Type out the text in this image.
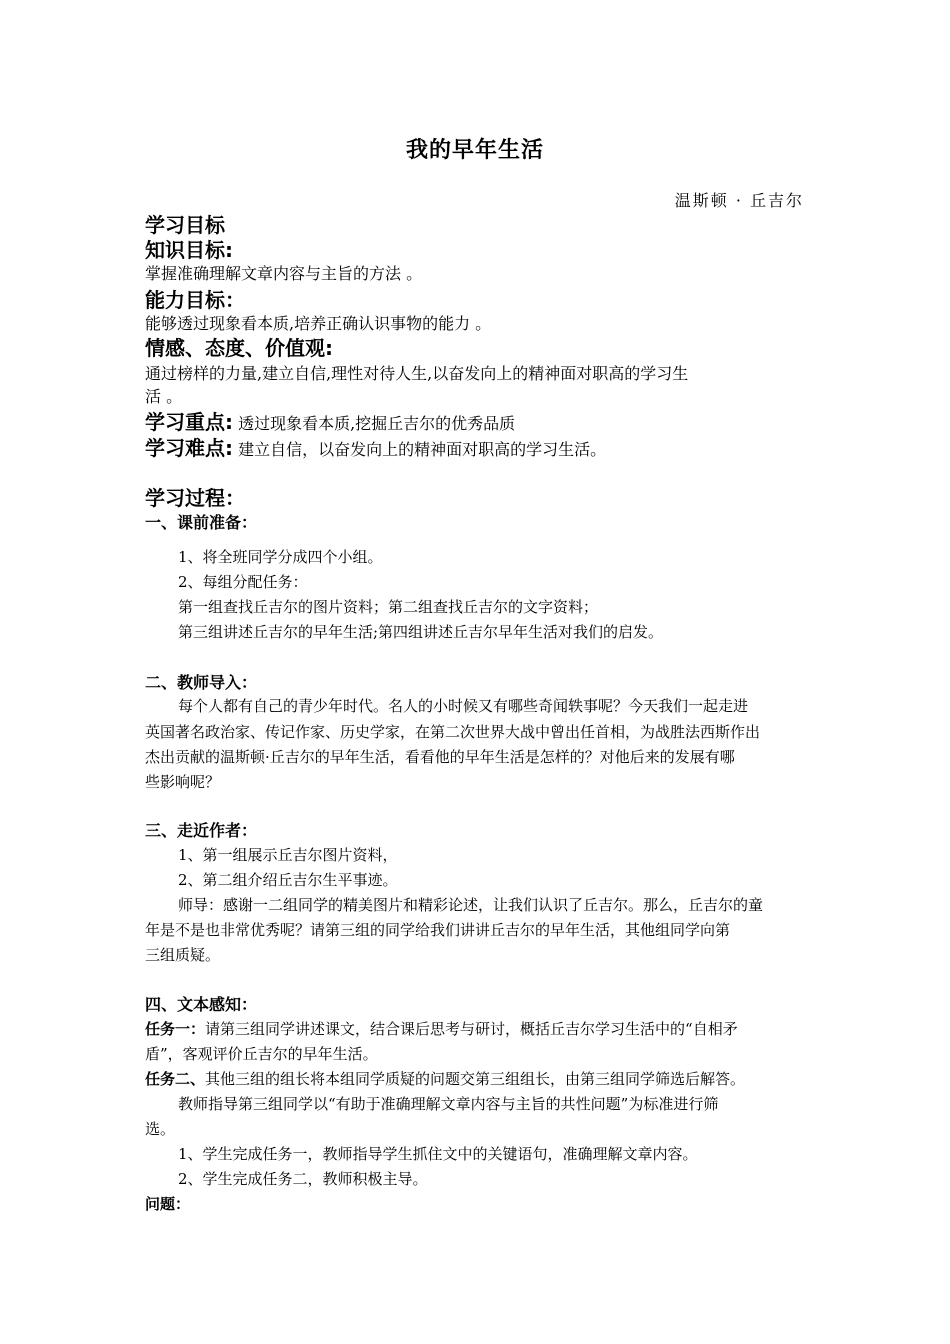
我的早年生活
温斯顿 · 丘吉尔
学习目标
知识目标:
掌握准确理解文章内容与主旨的方法 。
能力目标：
能够透过现象看本质,培养正确认识事物的能力 。
情感、态度、价值观:
通过榜样的力量,建立自信,理性对待人生,以奋发向上的精神面对职高的学习生
活 。
学习重点: 透过现象看本质,挖掘丘吉尔的优秀品质
学习难点: 建立自信，以奋发向上的精神面对职高的学习生活。
学习过程：
一、课前准备：
1、将全班同学分成四个小组。
2、每组分配任务：
第一组查找丘吉尔的图片资料；第二组查找丘吉尔的文字资料；
第三组讲述丘吉尔的早年生活;第四组讲述丘吉尔早年生活对我们的启发。
二、教师导入：
每个人都有自己的青少年时代。名人的小时候又有哪些奇闻轶事呢？今天我们一起走进
英国著名政治家、传记作家、历史学家，在第二次世界大战中曾出任首相，为战胜法西斯作出
杰出贡献的温斯顿·丘吉尔的早年生活，看看他的早年生活是怎样的？对他后来的发展有哪
些影响呢？
三、走近作者：
1、第一组展示丘吉尔图片资料，
2、第二组介绍丘吉尔生平事迹。
师导：感谢一二组同学的精美图片和精彩论述，让我们认识了丘吉尔。那么，丘吉尔的童
年是不是也非常优秀呢？请第三组的同学给我们讲讲丘吉尔的早年生活，其他组同学向第
三组质疑。
四、文本感知：
任务一：请第三组同学讲述课文，结合课后思考与研讨，概括丘吉尔学习生活中的“自相矛
盾”，客观评价丘吉尔的早年生活。
任务二、其他三组的组长将本组同学质疑的问题交第三组组长，由第三组同学筛选后解答。
教师指导第三组同学以“有助于准确理解文章内容与主旨的共性问题”为标准进行筛
选。
1、学生完成任务一，教师指导学生抓住文中的关键语句，准确理解文章内容。
2、学生完成任务二，教师积极主导。
问题：
